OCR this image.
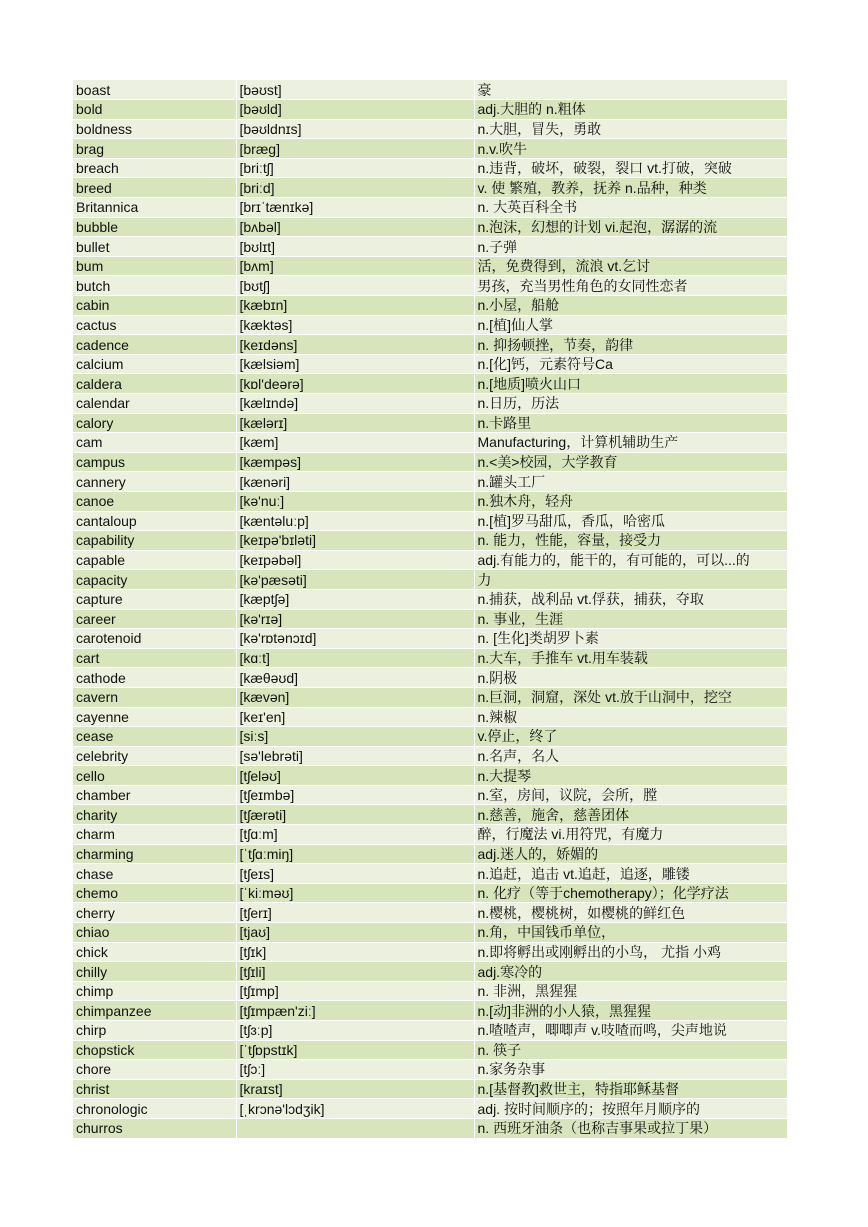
boast	[bəʊst]	豪
bold	[bəʊld]	adj.大胆的 n.粗体
boldness	[bəʊldnɪs]	n.大胆，冒失，勇敢
brag	[bræg]	n.v.吹牛
breach	[briːtʃ]	n.违背，破坏，破裂，裂口 vt.打破，突破
breed	[briːd]	v. 使 繁殖，教养，抚养 n.品种，种类
Britannica	[brɪˈtænɪkə]	n. 大英百科全书
bubble	[bʌbəl]	n.泡沫，幻想的计划 vi.起泡，潺潺的流
bullet	[bʊlɪt]	n.子弹
bum	[bʌm]	活，免费得到，流浪 vt.乞讨
butch	[bʊtʃ]	男孩，充当男性角色的女同性恋者
cabin	[kæbɪn]	n.小屋，船舱
cactus	[kæktəs]	n.[植]仙人掌
cadence	[keɪdəns]	n. 抑扬顿挫，节奏，韵律
calcium	[kælsiəm]	n.[化]钙，元素符号Ca
caldera	[kɒl'deərə]	n.[地质]喷火山口
calendar	[kælɪndə]	n.日历，历法
calory	[kælərɪ]	n.卡路里
cam	[kæm]	Manufacturing，计算机辅助生产
campus	[kæmpəs]	n.<美>校园，大学教育
cannery	[kænəri]	n.罐头工厂
canoe	[kə'nuː]	n.独木舟，轻舟
cantaloup	[kæntəluːp]	n.[植]罗马甜瓜，香瓜，哈密瓜
capability	[keɪpə'bɪləti]	n. 能力，性能，容量，接受力
capable	[keɪpəbəl]	adj.有能力的，能干的，有可能的，可以...的
capacity	[kə'pæsəti]	力
capture	[kæptʃə]	n.捕获，战利品 vt.俘获，捕获，夺取
career	[kə'rɪə]	n. 事业，生涯
carotenoid	[kə'rɒtənɔɪd]	n. [生化]类胡罗卜素
cart	[kɑːt]	n.大车，手推车 vt.用车装载
cathode	[kæθəʊd]	n.阴极
cavern	[kævən]	n.巨洞，洞窟，深处 vt.放于山洞中，挖空
cayenne	[keɪ'en]	n.辣椒
cease	[siːs]	v.停止，终了
celebrity	[sə'lebrəti]	n.名声，名人
cello	[tʃeləʊ]	n.大提琴
chamber	[tʃeɪmbə]	n.室，房间，议院，会所，膛
charity	[tʃærəti]	n.慈善，施舍，慈善团体
charm	[tʃɑːm]	醉，行魔法 vi.用符咒，有魔力
charming	[ˈtʃɑːmiŋ]	adj.迷人的，娇媚的
chase	[tʃeɪs]	n.追赶，追击 vt.追赶，追逐，雕镂
chemo	[ˈkiːməʊ]	n. 化疗（等于chemotherapy）；化学疗法
cherry	[tʃerɪ]	n.樱桃，樱桃树，如樱桃的鲜红色
chiao	[tjaʊ]	n.角，中国钱币单位，
chick	[tʃɪk]	n.即将孵出或刚孵出的小鸟， 尤指 小鸡
chilly	[tʃɪli]	adj.寒冷的
chimp	[tʃɪmp]	n. 非洲，黑猩猩
chimpanzee	[tʃɪmpæn'ziː]	n.[动]非洲的小人猿，黑猩猩
chirp	[tʃɜːp]	n.喳喳声，唧唧声 v.吱喳而鸣，尖声地说
chopstick	[ˈtʃɒpstɪk]	n. 筷子
chore	[tʃɔː]	n.家务杂事
christ	[kraɪst]	n.[基督教]救世主，特指耶稣基督
chronologic	[ˌkrɔnə'lɔdʒik]	adj. 按时间顺序的；按照年月顺序的
churros		n. 西班牙油条（也称吉事果或拉丁果）
